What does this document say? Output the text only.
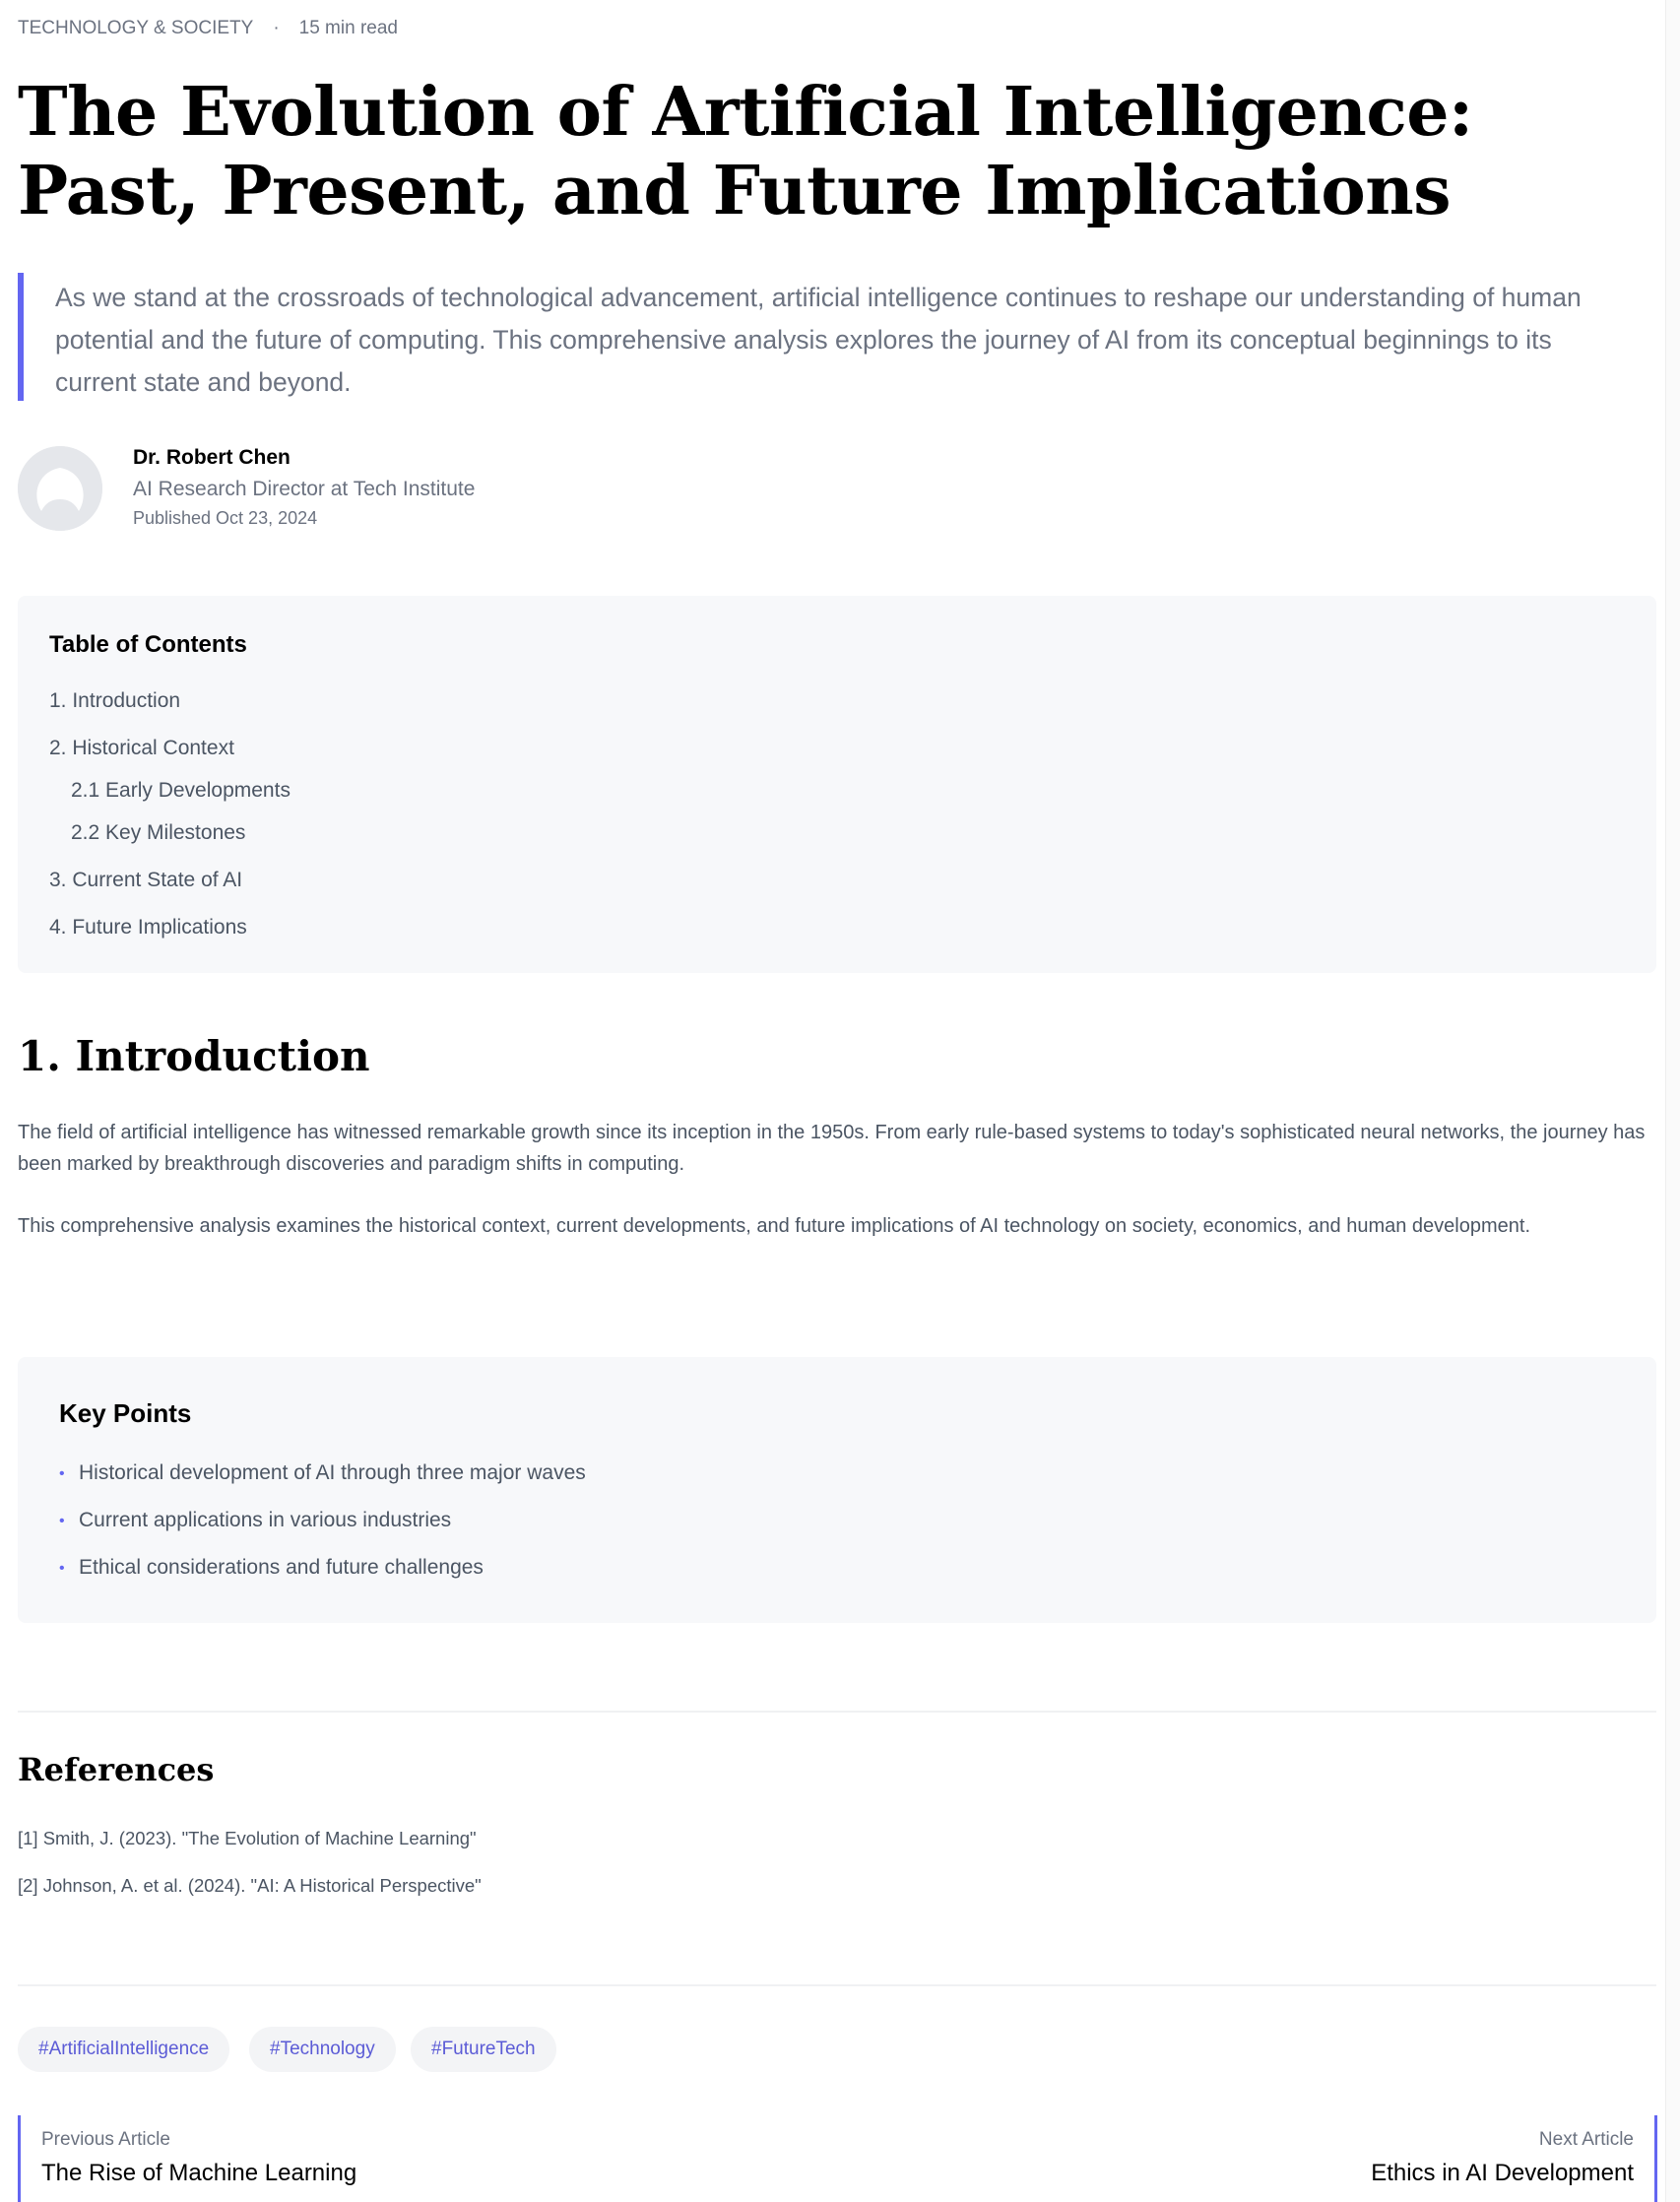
TECHNOLOGY & SOCIETY · 15 min read
The Evolution of Artificial Intelligence: Past, Present, and Future Implications
As we stand at the crossroads of technological advancement, artificial intelligence continues to reshape our understanding of human potential and the future of computing. This comprehensive analysis explores the journey of AI from its conceptual beginnings to its current state and beyond.
Dr. Robert Chen
AI Research Director at Tech Institute
Published Oct 23, 2024
Table of Contents
1. Introduction
2. Historical Context
2.1 Early Developments
2.2 Key Milestones
3. Current State of AI
4. Future Implications
1. Introduction

The field of artificial intelligence has witnessed remarkable growth since its inception in the 1950s. From early rule-based systems to today's sophisticated neural networks, the journey has been marked by breakthrough discoveries and paradigm shifts in computing.

This comprehensive analysis examines the historical context, current developments, and future implications of AI technology on society, economics, and human development.

Key Points
• Historical development of AI through three major waves
• Current applications in various industries
• Ethical considerations and future challenges
References
[1] Smith, J. (2023). "The Evolution of Machine Learning"
[2] Johnson, A. et al. (2024). "AI: A Historical Perspective"
#ArtificialIntelligence	#Technology	#FutureTech
Previous Article
The Rise of Machine Learning
Next Article
Ethics in AI Development
